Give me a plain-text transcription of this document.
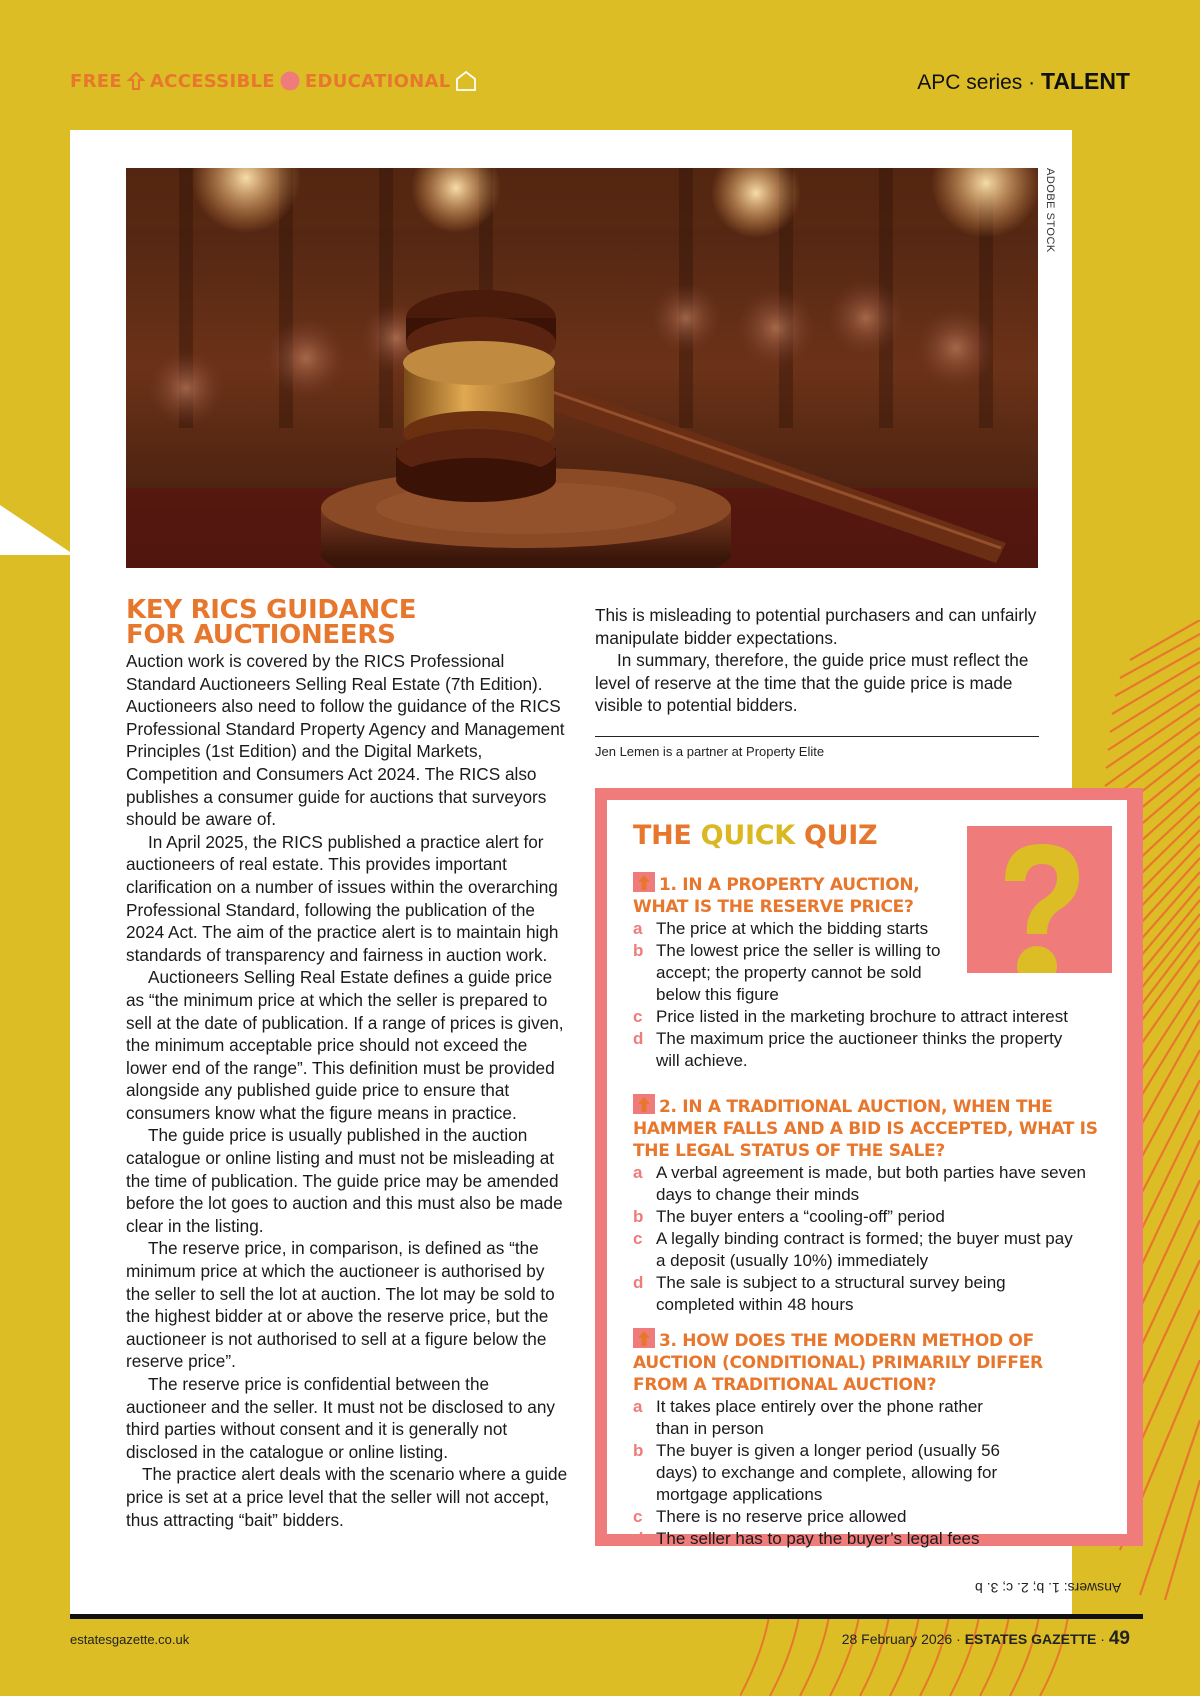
FREE ACCESSIBLE EDUCATIONAL	APC series · TALENT
ADOBE STOCK
KEY RICS GUIDANCE
FOR AUCTIONEERS

Auction work is covered by the RICS Professional Standard Auctioneers Selling Real Estate (7th Edition). Auctioneers also need to follow the guidance of the RICS Professional Standard Property Agency and Management Principles (1st Edition) and the Digital Markets, Competition and Consumers Act 2024. The RICS also publishes a consumer guide for auctions that surveyors should be aware of.

In April 2025, the RICS published a practice alert for auctioneers of real estate. This provides important clarification on a number of issues within the overarching Professional Standard, following the publication of the 2024 Act. The aim of the practice alert is to maintain high standards of transparency and fairness in auction work.

Auctioneers Selling Real Estate defines a guide price as “the minimum price at which the seller is prepared to sell at the date of publication. If a range of prices is given, the minimum acceptable price should not exceed the lower end of the range”. This definition must be provided alongside any published guide price to ensure that consumers know what the figure means in practice.

The guide price is usually published in the auction catalogue or online listing and must not be misleading at the time of publication. The guide price may be amended before the lot goes to auction and this must also be made clear in the listing.

The reserve price, in comparison, is defined as “the minimum price at which the auctioneer is authorised by the seller to sell the lot at auction. The lot may be sold to the highest bidder at or above the reserve price, but the auctioneer is not authorised to sell at a figure below the reserve price”.

The reserve price is confidential between the auctioneer and the seller. It must not be disclosed to any third parties without consent and it is generally not disclosed in the catalogue or online listing.

The practice alert deals with the scenario where a guide price is set at a price level that the seller will not accept, thus attracting “bait” bidders.

This is misleading to potential purchasers and can unfairly manipulate bidder expectations.

In summary, therefore, the guide price must reflect the level of reserve at the time that the guide price is made visible to potential bidders.

Jen Lemen is a partner at Property Elite
THE QUICK QUIZ
1. IN A PROPERTY AUCTION,
WHAT IS THE RESERVE PRICE?
a The price at which the bidding starts
b The lowest price the seller is willing to
accept; the property cannot be sold
below this figure
c Price listed in the marketing brochure to attract interest
d The maximum price the auctioneer thinks the property
will achieve.
2. IN A TRADITIONAL AUCTION, WHEN THE
HAMMER FALLS AND A BID IS ACCEPTED, WHAT IS
THE LEGAL STATUS OF THE SALE?
a A verbal agreement is made, but both parties have seven
days to change their minds
b The buyer enters a “cooling-off” period
c A legally binding contract is formed; the buyer must pay
a deposit (usually 10%) immediately
d The sale is subject to a structural survey being
completed within 48 hours
3. HOW DOES THE MODERN METHOD OF
AUCTION (CONDITIONAL) PRIMARILY DIFFER
FROM A TRADITIONAL AUCTION?
a It takes place entirely over the phone rather
than in person
b The buyer is given a longer period (usually 56
days) to exchange and complete, allowing for
mortgage applications
c There is no reserve price allowed
d The seller has to pay the buyer’s legal fees
Answers: 1. b; 2. c; 3. b
estatesgazette.co.uk	28 February 2026 · ESTATES GAZETTE · 49
